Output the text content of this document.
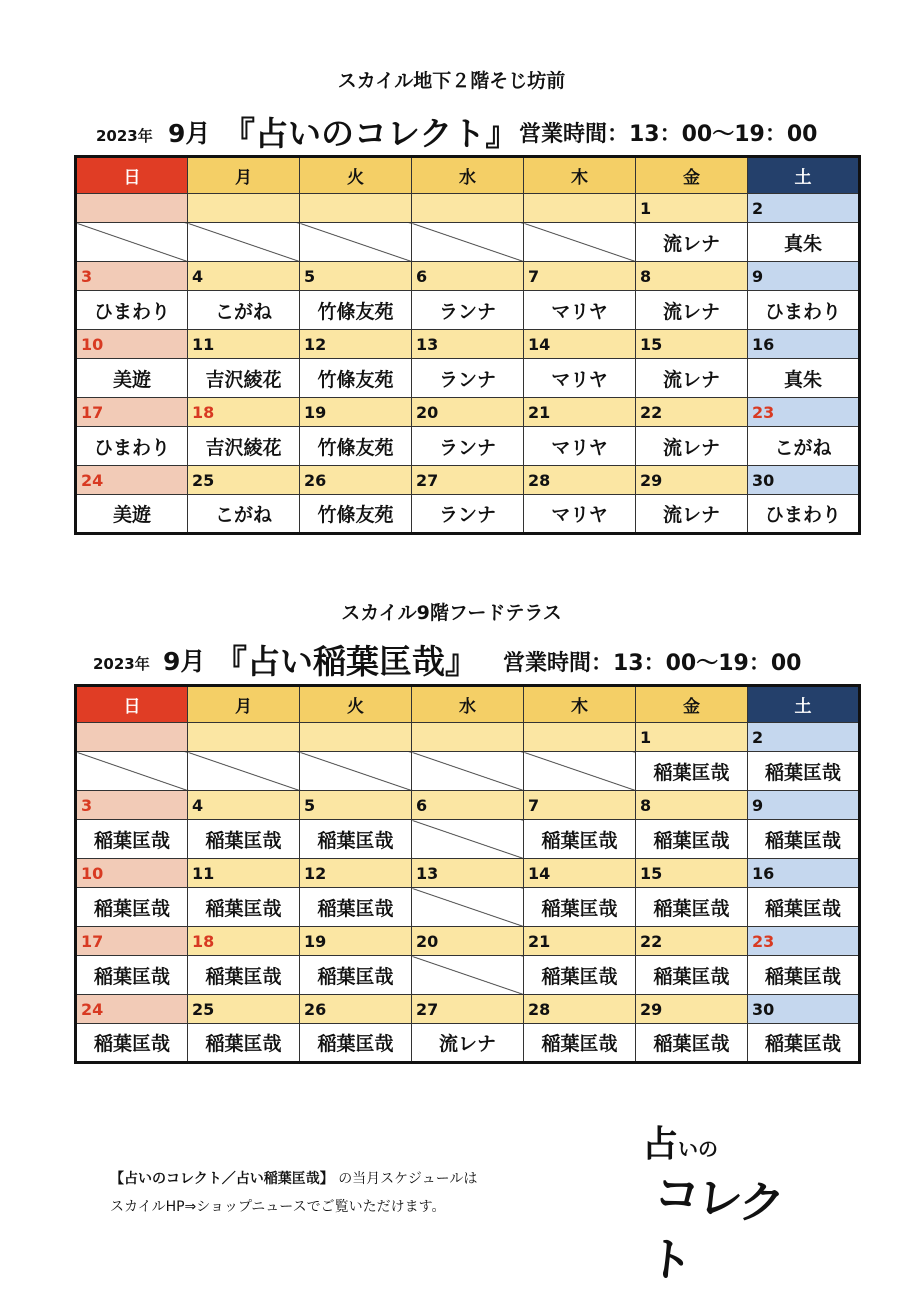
スカイル地下２階そじ坊前
2023年 9月 『占いのコレクト』 営業時間：13：00〜19：00
日	月	火	水	木	金	土
					1	2
					流レナ	真朱
3	4	5	6	7	8	9
ひまわり	こがね	竹條友苑	ランナ	マリヤ	流レナ	ひまわり
10	11	12	13	14	15	16
美遊	吉沢綾花	竹條友苑	ランナ	マリヤ	流レナ	真朱
17	18	19	20	21	22	23
ひまわり	吉沢綾花	竹條友苑	ランナ	マリヤ	流レナ	こがね
24	25	26	27	28	29	30
美遊	こがね	竹條友苑	ランナ	マリヤ	流レナ	ひまわり
スカイル9階フードテラス
2023年 9月 『占い稲葉匡哉』 営業時間：13：00〜19：00
日	月	火	水	木	金	土
					1	2
					稲葉匡哉	稲葉匡哉
3	4	5	6	7	8	9
稲葉匡哉	稲葉匡哉	稲葉匡哉		稲葉匡哉	稲葉匡哉	稲葉匡哉
10	11	12	13	14	15	16
稲葉匡哉	稲葉匡哉	稲葉匡哉		稲葉匡哉	稲葉匡哉	稲葉匡哉
17	18	19	20	21	22	23
稲葉匡哉	稲葉匡哉	稲葉匡哉		稲葉匡哉	稲葉匡哉	稲葉匡哉
24	25	26	27	28	29	30
稲葉匡哉	稲葉匡哉	稲葉匡哉	流レナ	稲葉匡哉	稲葉匡哉	稲葉匡哉
【占いのコレクト／占い稲葉匡哉】 の当月スケジュールは
スカイルHP⇒ショップニュースでご覧いただけます。
占いの
コレクト
